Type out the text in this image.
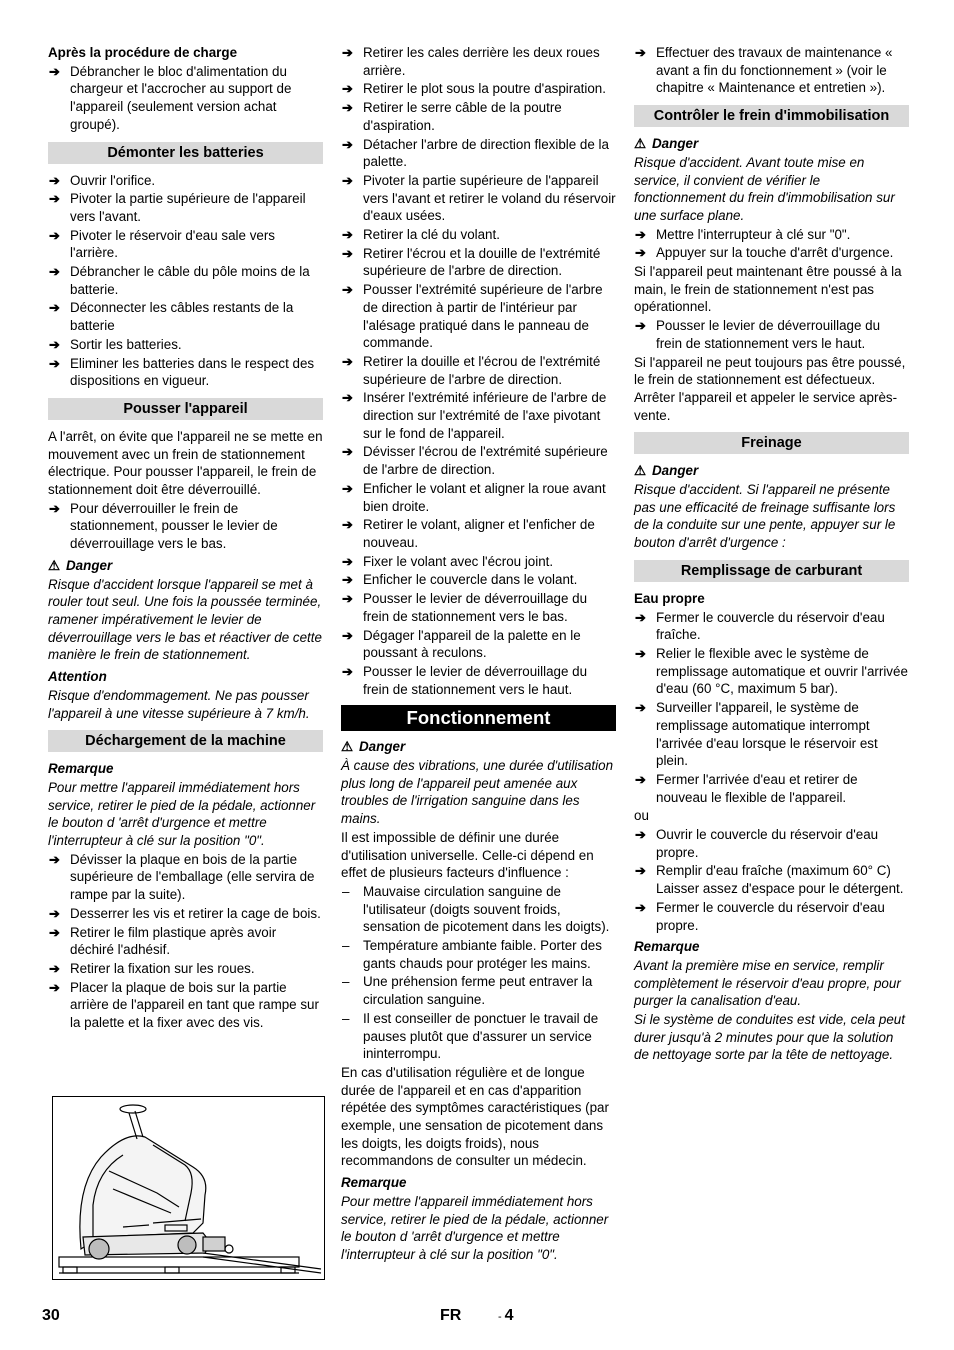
Après la procédure de charge
➔ Débrancher le bloc d'alimentation du chargeur et l'accrocher au support de l'appareil (seulement version achat groupé).
Démonter les batteries
➔ Ouvrir l'orifice.
➔ Pivoter la partie supérieure de l'appareil vers l'avant.
➔ Pivoter le réservoir d'eau sale vers l'arrière.
➔ Débrancher le câble du pôle moins de la batterie.
➔ Déconnecter les câbles restants de la batterie
➔ Sortir les batteries.
➔ Eliminer les batteries dans le respect des dispositions en vigueur.
Pousser l'appareil
A l'arrêt, on évite que l'appareil ne se mette en mouvement avec un frein de stationnement électrique. Pour pousser l'appareil, le frein de stationnement doit être déverrouillé.
➔ Pour déverrouiller le frein de stationnement, pousser le levier de déverrouillage vers le bas.
⚠ Danger
Risque d'accident lorsque l'appareil se met à rouler tout seul. Une fois la poussée terminée, ramener impérativement le levier de déverrouillage vers le bas et réactiver de cette manière le frein de stationnement.
Attention
Risque d'endommagement. Ne pas pousser l'appareil à une vitesse supérieure à 7 km/h.
Déchargement de la machine
Remarque
Pour mettre l'appareil immédiatement hors service, retirer le pied de la pédale, actionner le bouton d 'arrêt d'urgence et mettre l'interrupteur à clé sur la position "0".
➔ Dévisser la plaque en bois de la partie supérieure de l'emballage (elle servira de rampe par la suite).
➔ Desserrer les vis et retirer la cage de bois.
➔ Retirer le film plastique après avoir déchiré l'adhésif.
➔ Retirer la fixation sur les roues.
➔ Placer la plaque de bois sur la partie arrière de l'appareil en tant que rampe sur la palette et la fixer avec des vis.
➔ Retirer les cales derrière les deux roues arrière.
➔ Retirer le plot sous la poutre d'aspiration.
➔ Retirer le serre câble de la poutre d'aspiration.
➔ Détacher l'arbre de direction flexible de la palette.
➔ Pivoter la partie supérieure de l'appareil vers l'avant et retirer le voland du réservoir d'eaux usées.
➔ Retirer la clé du volant.
➔ Retirer l'écrou et la douille de l'extrémité supérieure de l'arbre de direction.
➔ Pousser l'extrémité supérieure de l'arbre de direction à partir de l'intérieur par l'alésage pratiqué dans le panneau de commande.
➔ Retirer la douille et l'écrou de l'extrémité supérieure de l'arbre de direction.
➔ Insérer l'extrémité inférieure de l'arbre de direction sur l'extrémité de l'axe pivotant sur le fond de l'appareil.
➔ Dévisser l'écrou de l'extrémité supérieure de l'arbre de direction.
➔ Enficher le volant et aligner la roue avant bien droite.
➔ Retirer le volant, aligner et l'enficher de nouveau.
➔ Fixer le volant avec l'écrou joint.
➔ Enficher le couvercle dans le volant.
➔ Pousser le levier de déverrouillage du frein de stationnement vers le bas.
➔ Dégager l'appareil de la palette en le poussant à reculons.
➔ Pousser le levier de déverrouillage du frein de stationnement vers le haut.
Fonctionnement
⚠ Danger
À cause des vibrations, une durée d'utilisation plus long de l'appareil peut amenée aux troubles de l'irrigation sanguine dans les mains.
Il est impossible de définir une durée d'utilisation universelle. Celle-ci dépend en effet de plusieurs facteurs d'influence :
– Mauvaise circulation sanguine de l'utilisateur (doigts souvent froids, sensation de picotement dans les doigts).
– Température ambiante faible. Porter des gants chauds pour protéger les mains.
– Une préhension ferme peut entraver la circulation sanguine.
– Il est conseiller de ponctuer le travail de pauses plutôt que d'assurer un service ininterrompu.
En cas d'utilisation régulière et de longue durée de l'appareil et en cas d'apparition répétée des symptômes caractéristiques (par exemple, une sensation de picotement dans les doigts, les doigts froids), nous recommandons de consulter un médecin.
Remarque
Pour mettre l'appareil immédiatement hors service, retirer le pied de la pédale, actionner le bouton d 'arrêt d'urgence et mettre l'interrupteur à clé sur la position "0".
➔ Effectuer des travaux de maintenance « avant a fin du fonctionnement » (voir le chapitre « Maintenance et entretien »).
Contrôler le frein d'immobilisation
⚠ Danger
Risque d'accident. Avant toute mise en service, il convient de vérifier le fonctionnement du frein d'immobilisation sur une surface plane.
➔ Mettre l'interrupteur à clé sur "0".
➔ Appuyer sur la touche d'arrêt d'urgence.
Si l'appareil peut maintenant être poussé à la main, le frein de stationnement n'est pas opérationnel.
➔ Pousser le levier de déverrouillage du frein de stationnement vers le haut.
Si l'appareil ne peut toujours pas être poussé, le frein de stationnement est défectueux. Arrêter l'appareil et appeler le service après-vente.
Freinage
⚠ Danger
Risque d'accident. Si l'appareil ne présente pas une efficacité de freinage suffisante lors de la conduite sur une pente, appuyer sur le bouton d'arrêt d'urgence :
Remplissage de carburant
Eau propre
➔ Fermer le couvercle du réservoir d'eau fraîche.
➔ Relier le flexible avec le système de remplissage automatique et ouvrir l'arrivée d'eau (60 °C, maximum 5 bar).
➔ Surveiller l'appareil, le système de remplissage automatique interrompt l'arrivée d'eau lorsque le réservoir est plein.
➔ Fermer l'arrivée d'eau et retirer de nouveau le flexible de l'appareil.
ou
➔ Ouvrir le couvercle du réservoir d'eau propre.
➔ Remplir d'eau fraîche (maximum 60° C) Laisser assez d'espace pour le détergent.
➔ Fermer le couvercle du réservoir d'eau propre.
Remarque
Avant la première mise en service, remplir complètement le réservoir d'eau propre, pour purger la canalisation d'eau.
Si le système de conduites est vide, cela peut durer jusqu'à 2 minutes pour que la solution de nettoyage sorte par la tête de nettoyage.
30	FR	- 4
